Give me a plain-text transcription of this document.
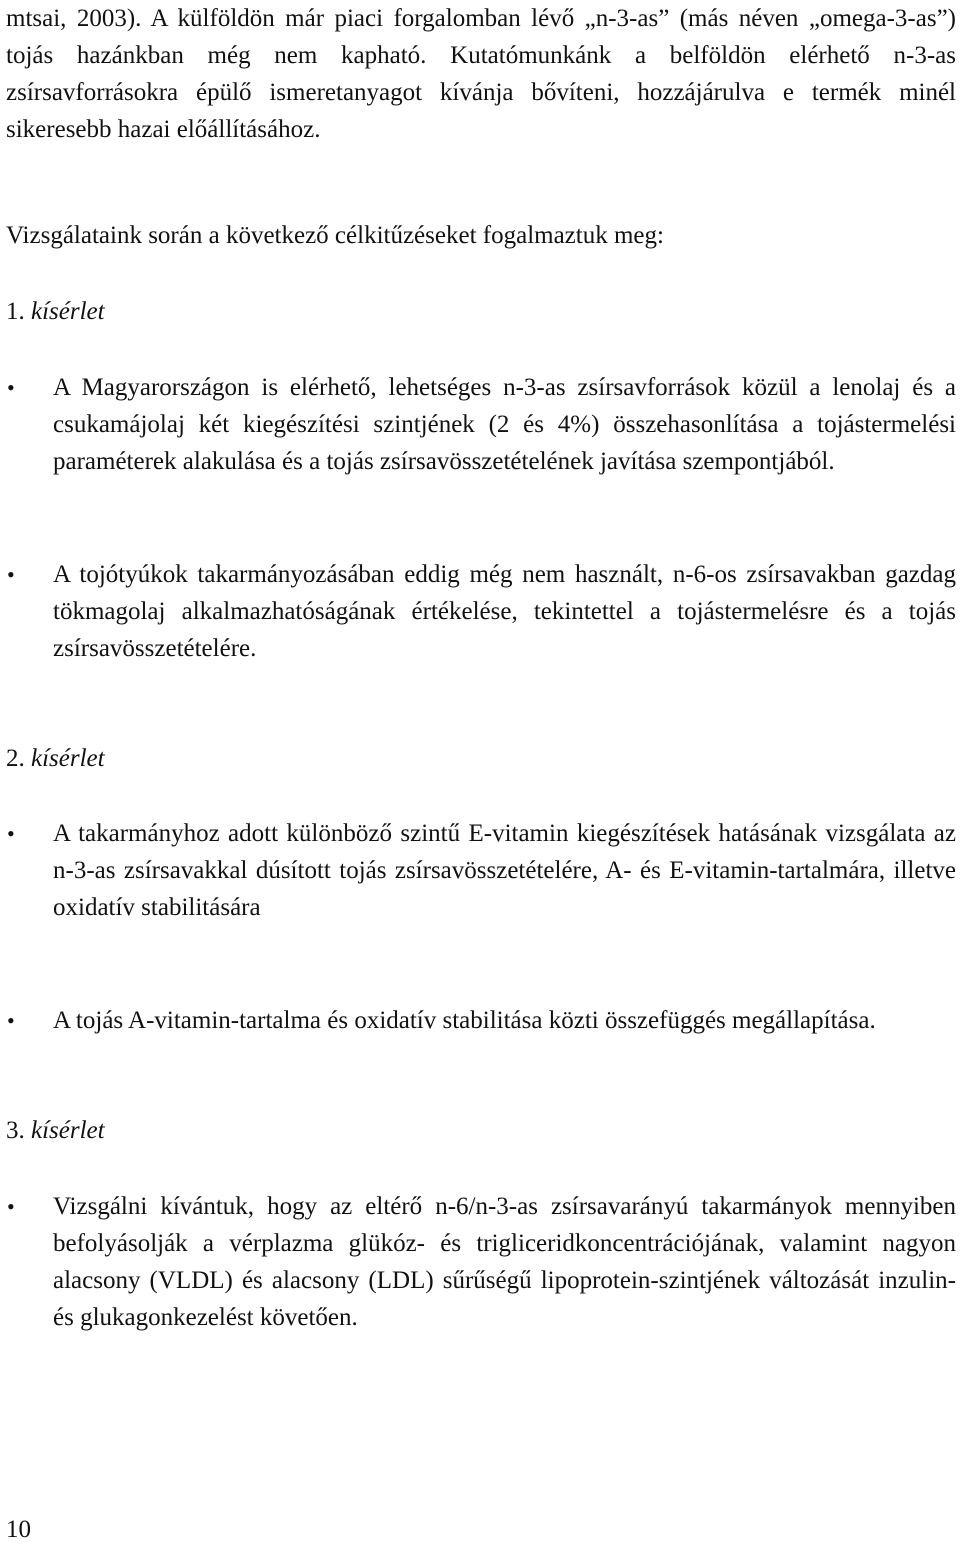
mtsai, 2003). A külföldön már piaci forgalomban lévő „n-3-as” (más néven „omega-3-as”) tojás hazánkban még nem kapható. Kutatómunkánk a belföldön elérhető n-3-as zsírsavforrásokra épülő ismeretanyagot kívánja bővíteni, hozzájárulva e termék minél sikeresebb hazai előállításához.

Vizsgálataink során a következő célkitűzéseket fogalmaztuk meg:

1. kísérlet
•	A Magyarországon is elérhető, lehetséges n-3-as zsírsavforrások közül a lenolaj és a csukamájolaj két kiegészítési szintjének (2 és 4%) összehasonlítása a tojástermelési paraméterek alakulása és a tojás zsírsavösszetételének javítása szempontjából.

•	A tojótyúkok takarmányozásában eddig még nem használt, n-6-os zsírsavakban gazdag tökmagolaj alkalmazhatóságának értékelése, tekintettel a tojástermelésre és a tojás zsírsavösszetételére.

2. kísérlet
•	A takarmányhoz adott különböző szintű E-vitamin kiegészítések hatásának vizsgálata az n-3-as zsírsavakkal dúsított tojás zsírsavösszetételére, A- és E-vitamin-tartalmára, illetve oxidatív stabilitására

•	A tojás A-vitamin-tartalma és oxidatív stabilitása közti összefüggés megállapítása.

3. kísérlet
•	Vizsgálni kívántuk, hogy az eltérő n-6/n-3-as zsírsavarányú takarmányok mennyiben befolyásolják a vérplazma glükóz- és trigliceridkoncentrációjának, valamint nagyon alacsony (VLDL) és alacsony (LDL) sűrűségű lipoprotein-szintjének változását inzulin- és glukagonkezelést követően.

10
